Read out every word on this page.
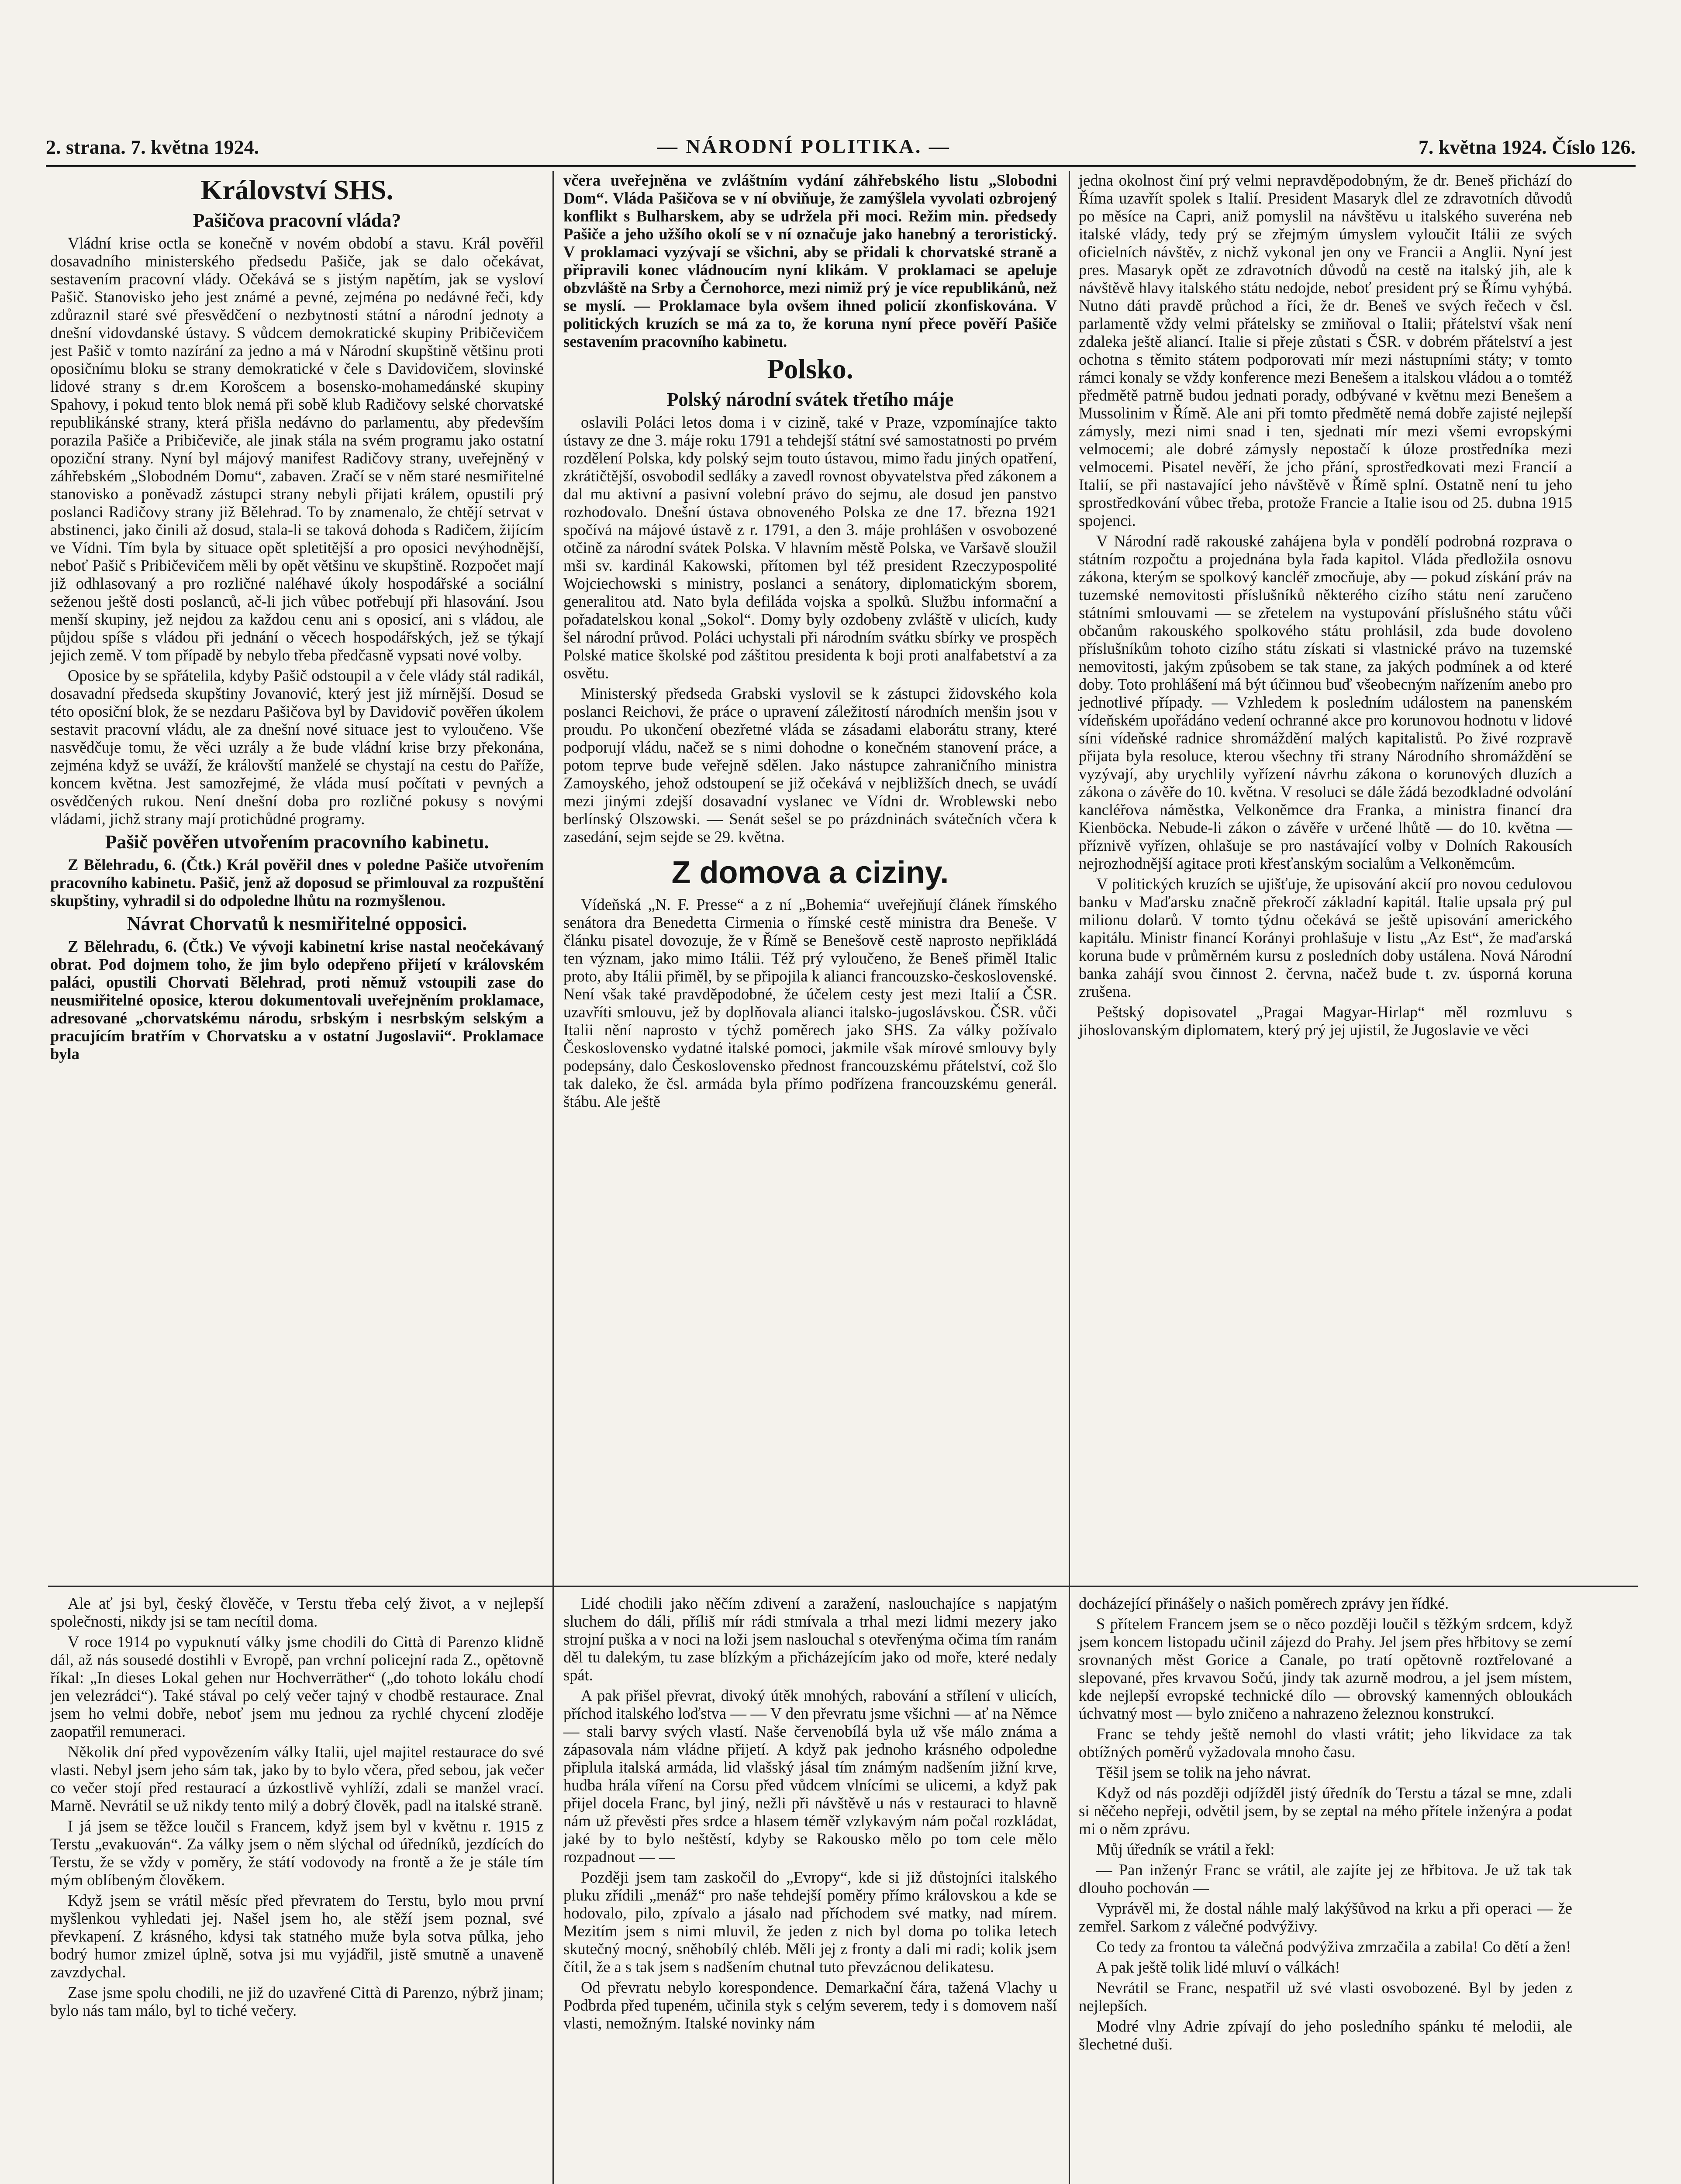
2. strana. 7. května 1924.	— NÁRODNÍ POLITIKA. —	7. května 1924. Číslo 126.
Království SHS.
Pašičova pracovní vláda?

Vládní krise octla se konečně v novém období a stavu. Král pověřil dosavadního ministerského předsedu Pašiče, jak se dalo očekávat, sestavením pracovní vlády. Očekává se s jistým napětím, jak se vysloví Pašič. Stanovisko jeho jest známé a pevné, zejména po nedávné řeči, kdy zdůraznil staré své přesvědčení o nezbytnosti státní a národní jednoty a dnešní vidovdanské ústavy. S vůdcem demokratické skupiny Pribičevičem jest Pašič v tomto nazírání za jedno a má v Národní skupštině většinu proti oposičnímu bloku se strany demokratické v čele s Davidovičem, slovinské lidové strany s dr.em Korošcem a bosensko-mohamedánské skupiny Spahovy, i pokud tento blok nemá při sobě klub Radičovy selské chorvatské republikánské strany, která přišla nedávno do parlamentu, aby především porazila Pašiče a Pribičeviče, ale jinak stála na svém programu jako ostatní opoziční strany. Nyní byl májový manifest Radičovy strany, uveřejněný v záhřebském „Slobodném Domu“, zabaven. Zračí se v něm staré nesmiřitelné stanovisko a poněvadž zástupci strany nebyli přijati králem, opustili prý poslanci Radičovy strany již Bělehrad. To by znamenalo, že chtějí setrvat v abstinenci, jako činili až dosud, stala-li se taková dohoda s Radičem, žijícím ve Vídni. Tím byla by situace opět spletitější a pro oposici nevýhodnější, neboť Pašič s Pribičevičem měli by opět většinu ve skupštině. Rozpočet mají již odhlasovaný a pro rozličné naléhavé úkoly hospodářské a sociální seženou ještě dosti poslanců, ač-li jich vůbec potřebují při hlasování. Jsou menší skupiny, jež nejdou za každou cenu ani s oposicí, ani s vládou, ale půjdou spíše s vládou při jednání o věcech hospodářských, jež se týkají jejich země. V tom případě by nebylo třeba předčasně vypsati nové volby.

Oposice by se spřátelila, kdyby Pašič odstoupil a v čele vlády stál radikál, dosavadní předseda skupštiny Jovanović, který jest již mírnější. Dosud se této oposiční blok, že se nezdaru Pašičova byl by Davidovič pověřen úkolem sestavit pracovní vládu, ale za dnešní nové situace jest to vyloučeno. Vše nasvědčuje tomu, že věci uzrály a že bude vládní krise brzy překonána, zejména když se uváží, že královští manželé se chystají na cestu do Paříže, koncem května. Jest samozřejmé, že vláda musí počítati v pevných a osvědčených rukou. Není dnešní doba pro rozličné pokusy s novými vládami, jichž strany mají protichůdné programy.

Pašič pověřen utvořením pracovního kabinetu.

Z Bělehradu, 6. (Čtk.) Král pověřil dnes v poledne Pašiče utvořením pracovního kabinetu. Pašič, jenž až doposud se přimlouval za rozpuštění skupštiny, vyhradil si do odpoledne lhůtu na rozmyšlenou.

Návrat Chorvatů k nesmiřitelné opposici.

Z Bělehradu, 6. (Čtk.) Ve vývoji kabinetní krise nastal neočekávaný obrat. Pod dojmem toho, že jim bylo odepřeno přijetí v královském paláci, opustili Chorvati Bělehrad, proti němuž vstoupili zase do neusmiřitelné oposice, kterou dokumentovali uveřejněním proklamace, adresované „chorvatskému národu, srbským i nesrbským selským a pracujícím bratřím v Chorvatsku a v ostatní Jugoslavii“. Proklamace byla

včera uveřejněna ve zvláštním vydání záhřebského listu „Slobodni Dom“. Vláda Pašičova se v ní obviňuje, že zamýšlela vyvolati ozbrojený konflikt s Bulharskem, aby se udržela při moci. Režim min. předsedy Pašiče a jeho užšího okolí se v ní označuje jako hanebný a teroristický. V proklamaci vyzývají se všichni, aby se přidali k chorvatské straně a připravili konec vládnoucím nyní klikám. V proklamaci se apeluje obzvláště na Srby a Černohorce, mezi nimiž prý je více republikánů, než se myslí. — Proklamace byla ovšem ihned policií zkonfiskována. V politických kruzích se má za to, že koruna nyní přece pověří Pašiče sestavením pracovního kabinetu.

Polsko.
Polský národní svátek třetího máje

oslavili Poláci letos doma i v cizině, také v Praze, vzpomínajíce takto ústavy ze dne 3. máje roku 1791 a tehdejší státní své samostatnosti po prvém rozdělení Polska, kdy polský sejm touto ústavou, mimo řadu jiných opatření, zkrátičtější, osvobodil sedláky a zavedl rovnost obyvatelstva před zákonem a dal mu aktivní a pasivní volební právo do sejmu, ale dosud jen panstvo rozhodovalo. Dnešní ústava obnoveného Polska ze dne 17. března 1921 spočívá na májové ústavě z r. 1791, a den 3. máje prohlášen v osvobozené otčině za národní svátek Polska. V hlavním městě Polska, ve Varšavě sloužil mši sv. kardinál Kakowski, přítomen byl též president Rzeczypospolité Wojciechowski s ministry, poslanci a senátory, diplomatickým sborem, generalitou atd. Nato byla defiláda vojska a spolků. Službu informační a pořadatelskou konal „Sokol“. Domy byly ozdobeny zvláště v ulicích, kudy šel národní průvod. Poláci uchystali při národním svátku sbírky ve prospěch Polské matice školské pod záštitou presidenta k boji proti analfabetství a za osvětu.

Ministerský předseda Grabski vyslovil se k zástupci židovského kola poslanci Reichovi, že práce o upravení záležitostí národních menšin jsou v proudu. Po ukončení obezřetné vláda se zásadami elaborátu strany, které podporují vládu, načež se s nimi dohodne o konečném stanovení práce, a potom teprve bude veřejně sdělen. Jako nástupce zahraničního ministra Zamoyského, jehož odstoupení se již očekává v nejbližších dnech, se uvádí mezi jinými zdejší dosavadní vyslanec ve Vídni dr. Wroblewski nebo berlínský Olszowski. — Senát sešel se po prázdninách svátečních včera k zasedání, sejm sejde se 29. května.

Z domova a ciziny.

Vídeňská „N. F. Presse“ a z ní „Bohemia“ uveřejňují článek římského senátora dra Benedetta Cirmenia o římské cestě ministra dra Beneše. V článku pisatel dovozuje, že v Římě se Benešově cestě naprosto nepřikládá ten význam, jako mimo Itálii. Též prý vyloučeno, že Beneš přiměl Italic proto, aby Itálii přiměl, by se připojila k alianci francouzsko-československé. Není však také pravděpodobné, že účelem cesty jest mezi Italií a ČSR. uzavříti smlouvu, jež by doplňovala alianci italsko-jugoslávskou. ČSR. vůči Italii nění naprosto v týchž poměrech jako SHS. Za války požívalo Československo vydatné italské pomoci, jakmile však mírové smlouvy byly podepsány, dalo Československo přednost francouzskému přátelství, což šlo tak daleko, že čsl. armáda byla přímo podřízena francouzskému generál. štábu. Ale ještě

jedna okolnost činí prý velmi nepravděpodobným, že dr. Beneš přichází do Říma uzavřít spolek s Italií. President Masaryk dlel ze zdravotních důvodů po měsíce na Capri, aniž pomyslil na návštěvu u italského suveréna neb italské vlády, tedy prý se zřejmým úmyslem vyloučit Itálii ze svých oficielních návštěv, z nichž vykonal jen ony ve Francii a Anglii. Nyní jest pres. Masaryk opět ze zdravotních důvodů na cestě na italský jih, ale k návštěvě hlavy italského státu nedojde, neboť president prý se Římu vyhýbá. Nutno dáti pravdě průchod a říci, že dr. Beneš ve svých řečech v čsl. parlamentě vždy velmi přátelsky se zmiňoval o Italii; přátelství však není zdaleka ještě aliancí. Italie si přeje zůstati s ČSR. v dobrém přátelství a jest ochotna s těmito státem podporovati mír mezi nástupními státy; v tomto rámci konaly se vždy konference mezi Benešem a italskou vládou a o tomtéž předmětě patrně budou jednati porady, odbývané v květnu mezi Benešem a Mussolinim v Římě. Ale ani při tomto předmětě nemá dobře zajisté nejlepší zámysly, mezi nimi snad i ten, sjednati mír mezi všemi evropskými velmocemi; ale dobré zámysly nepostačí k úloze prostředníka mezi velmocemi. Pisatel nevěří, že jcho přání, sprostředkovati mezi Francií a Italií, se při nastavající jeho návštěvě v Římě splní. Ostatně není tu jeho sprostředkování vůbec třeba, protože Francie a Italie isou od 25. dubna 1915 spojenci.

V Národní radě rakouské zahájena byla v pondělí podrobná rozprava o státním rozpočtu a projednána byla řada kapitol. Vláda předložila osnovu zákona, kterým se spolkový kancléř zmocňuje, aby — pokud získání práv na tuzemské nemovitosti příslušníků některého cizího státu není zaručeno státními smlouvami — se zřetelem na vystupování příslušného státu vůči občanům rakouského spolkového státu prohlásil, zda bude dovoleno příslušníkům tohoto cizího státu získati si vlastnické právo na tuzemské nemovitosti, jakým způsobem se tak stane, za jakých podmínek a od které doby. Toto prohlášení má být účinnou buď všeobecným nařízením anebo pro jednotlivé případy. — Vzhledem k posledním událostem na panenském vídeňském upořádáno vedení ochranné akce pro korunovou hodnotu v lidové síni vídeňské radnice shromáždění malých kapitalistů. Po živé rozpravě přijata byla resoluce, kterou všechny tři strany Národního shromáždění se vyzývají, aby urychlily vyřízení návrhu zákona o korunových dluzích a zákona o závěře do 10. května. V resoluci se dále žádá bezodkladné odvolání kancléřova náměstka, Velkoněmce dra Franka, a ministra financí dra Kienböcka. Nebude-li zákon o závěře v určené lhůtě — do 10. května — příznivě vyřízen, ohlašuje se pro nastávající volby v Dolních Rakousích nejrozhodnější agitace proti křesťanským socialům a Velkoněmcům.

V politických kruzích se ujišťuje, že upisování akcií pro novou cedulovou banku v Maďarsku značně překročí základní kapitál. Italie upsala prý pul milionu dolarů. V tomto týdnu očekává se ještě upisování amerického kapitálu. Ministr financí Korányi prohlašuje v listu „Az Est“, že maďarská koruna bude v průměrném kursu z posledních doby ustálena. Nová Národní banka zahájí svou činnost 2. června, načež bude t. zv. úsporná koruna zrušena.

Peštský dopisovatel „Pragai Magyar-Hirlap“ měl rozmluvu s jihoslovanským diplomatem, který prý jej ujistil, že Jugoslavie ve věci

Ale ať jsi byl, český člověče, v Terstu třeba celý život, a v nejlepší společnosti, nikdy jsi se tam necítil doma.

V roce 1914 po vypuknutí války jsme chodili do Città di Parenzo klidně dál, až nás sousedé dostihli v Evropě, pan vrchní policejní rada Z., opětovně říkal: „In dieses Lokal gehen nur Hochverräther“ („do tohoto lokálu chodí jen velezrádci“). Také stával po celý večer tajný v chodbě restaurace. Znal jsem ho velmi dobře, neboť jsem mu jednou za rychlé chycení zloděje zaopatřil remuneraci.

Několik dní před vypovězením války Italii, ujel majitel restaurace do své vlasti. Nebyl jsem jeho sám tak, jako by to bylo včera, před sebou, jak večer co večer stojí před restaurací a úzkostlivě vyhlíží, zdali se manžel vrací. Marně. Nevrátil se už nikdy tento milý a dobrý člověk, padl na italské straně.

I já jsem se těžce loučil s Francem, když jsem byl v květnu r. 1915 z Terstu „evakuován“. Za války jsem o něm slýchal od úředníků, jezdících do Terstu, že se vždy v poměry, že státí vodovody na frontě a že je stále tím mým oblíbeným člověkem.

Když jsem se vrátil měsíc před převratem do Terstu, bylo mou první myšlenkou vyhledati jej. Našel jsem ho, ale stěží jsem poznal, své převkapení. Z krásného, kdysi tak statného muže byla sotva půlka, jeho bodrý humor zmizel úplně, sotva jsi mu vyjádřil, jistě smutně a unaveně zavzdychal.

Zase jsme spolu chodili, ne již do uzavřené Città di Parenzo, nýbrž jinam; bylo nás tam málo, byl to tiché večery.

Lidé chodili jako něčím zdivení a zaražení, naslouchajíce s napjatým sluchem do dáli, příliš mír rádi stmívala a trhal mezi lidmi mezery jako strojní puška a v noci na loži jsem naslouchal s otevřenýma očima tím ranám děl tu dalekým, tu zase blízkým a přicházejícím jako od moře, které nedaly spát.

A pak přišel převrat, divoký útěk mnohých, rabování a střílení v ulicích, příchod italského loďstva — — V den převratu jsme všichni — ať na Němce — stali barvy svých vlastí. Naše červenobílá byla už vše málo známa a zápasovala nám vládne přijetí. A když pak jednoho krásného odpoledne připlula italská armáda, lid vlašský jásal tím známým nadšením jižní krve, hudba hrála víření na Corsu před vůdcem vlnícími se ulicemi, a když pak přijel docela Franc, byl jiný, nežli při návštěvě u nás v restauraci to hlavně nám už převěsti přes srdce a hlasem téměř vzlykavým nám počal rozkládat, jaké by to bylo neštěstí, kdyby se Rakousko mělo po tom cele mělo rozpadnout — —

Později jsem tam zaskočil do „Evropy“, kde si již důstojníci italského pluku zřídili „menáž“ pro naše tehdejší poměry přímo královskou a kde se hodovalo, pilo, zpívalo a jásalo nad příchodem své matky, nad mírem. Mezitím jsem s nimi mluvil, že jeden z nich byl doma po tolika letech skutečný mocný, sněhobílý chléb. Měli jej z fronty a dali mi radi; kolik jsem čítil, že a s tak jsem s nadšením chutnal tuto převzácnou delikatesu.

Od převratu nebylo korespondence. Demarkační čára, tažená Vlachy u Podbrda před tupeném, učinila styk s celým severem, tedy i s domovem naší vlasti, nemožným. Italské novinky nám

docházející přinášely o našich poměrech zprávy jen řídké.

S přítelem Francem jsem se o něco později loučil s těžkým srdcem, když jsem koncem listopadu učinil zájezd do Prahy. Jel jsem přes hřbitovy se zemí srovnaných měst Gorice a Canale, po tratí opětovně roztřelované a slepované, přes krvavou Sočú, jindy tak azurně modrou, a jel jsem místem, kde nejlepší evropské technické dílo — obrovský kamenných obloukách úchvatný most — bylo zničeno a nahrazeno železnou konstrukcí.

Franc se tehdy ještě nemohl do vlasti vrátit; jeho likvidace za tak obtížných poměrů vyžadovala mnoho času.

Těšil jsem se tolik na jeho návrat.

Když od nás později odjížděl jistý úředník do Terstu a tázal se mne, zdali si něčeho nepřeji, odvětil jsem, by se zeptal na mého přítele inženýra a podat mi o něm zprávu.

Můj úředník se vrátil a řekl:

— Pan inženýr Franc se vrátil, ale zajíte jej ze hřbitova. Je už tak tak dlouho pochován —

Vyprávěl mi, že dostal náhle malý lakýšůvod na krku a při operaci — že zemřel. Sarkom z válečné podvýživy.

Co tedy za frontou ta válečná podvýživa zmrzačila a zabila! Co dětí a žen!

A pak ještě tolik lidé mluví o válkách!

Nevrátil se Franc, nespatřil už své vlasti osvobozené. Byl by jeden z nejlepších.

Modré vlny Adrie zpívají do jeho posledního spánku té melodii, ale šlechetné duši.
